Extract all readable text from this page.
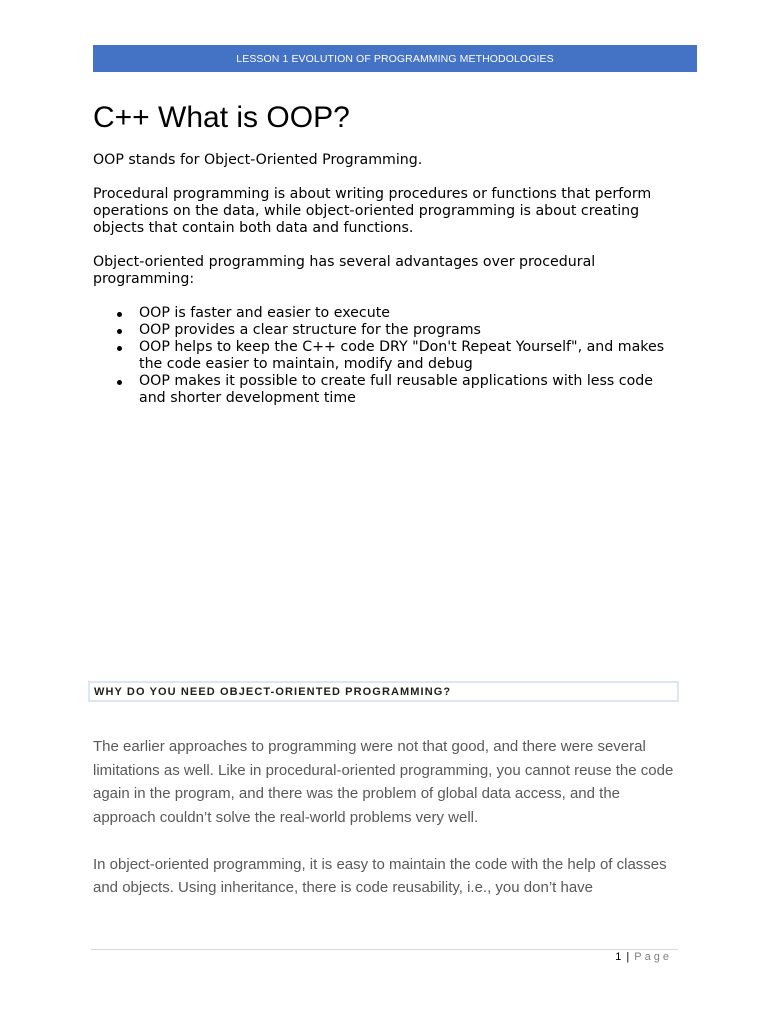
LESSON 1 EVOLUTION OF PROGRAMMING METHODOLOGIES
C++ What is OOP?

OOP stands for Object-Oriented Programming.

Procedural programming is about writing procedures or functions that perform operations on the data, while object-oriented programming is about creating objects that contain both data and functions.

Object-oriented programming has several advantages over procedural programming:

OOP is faster and easier to execute
OOP provides a clear structure for the programs
OOP helps to keep the C++ code DRY "Don't Repeat Yourself", and makes the code easier to maintain, modify and debug
OOP makes it possible to create full reusable applications with less code and shorter development time
WHY DO YOU NEED OBJECT-ORIENTED PROGRAMMING?

The earlier approaches to programming were not that good, and there were several limitations as well. Like in procedural-oriented programming, you cannot reuse the code again in the program, and there was the problem of global data access, and the approach couldn’t solve the real-world problems very well.

In object-oriented programming, it is easy to maintain the code with the help of classes and objects. Using inheritance, there is code reusability, i.e., you don’t have

1 | Page
